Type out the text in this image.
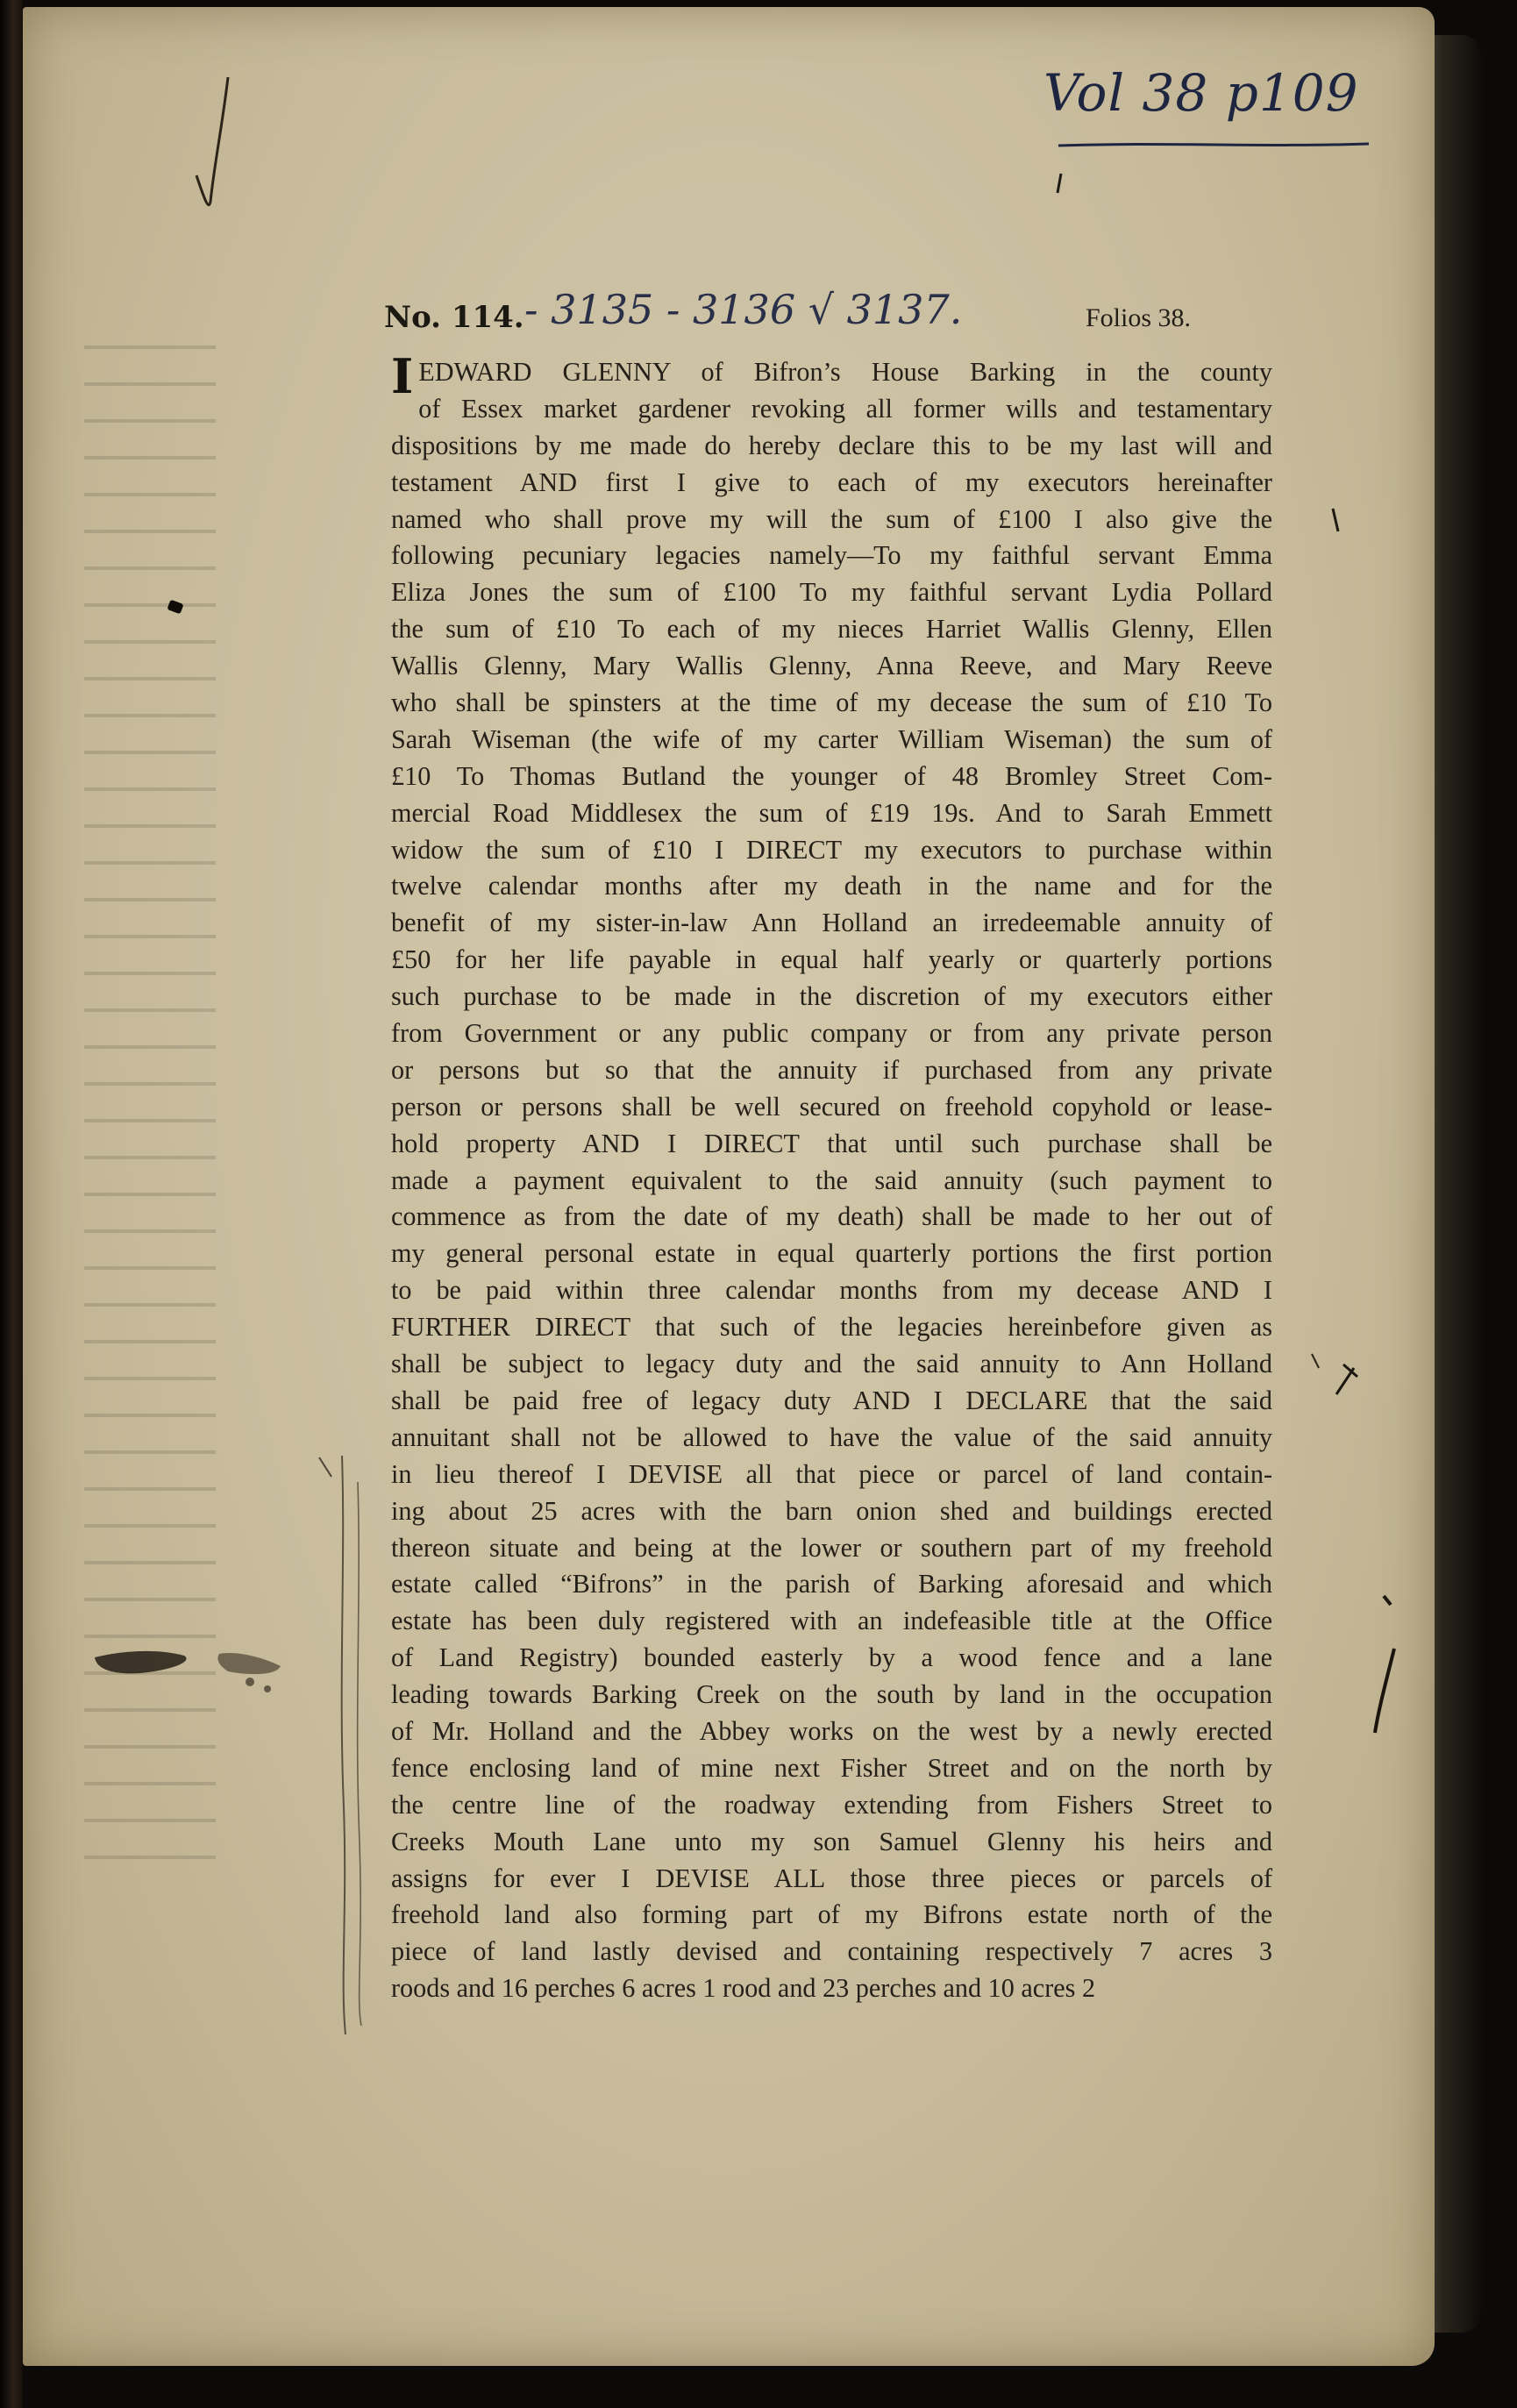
Vol 38 p109
No. 114. - 3135 - 3136 √ 3137.	Folios 38.
I EDWARD GLENNY of Bifron’s House Barking in the county
of Essex market gardener revoking all former wills and testamentary
dispositions by me made do hereby declare this to be my last will and
testament AND first I give to each of my executors hereinafter
named who shall prove my will the sum of £100 I also give the
following pecuniary legacies namely—To my faithful servant Emma
Eliza Jones the sum of £100 To my faithful servant Lydia Pollard
the sum of £10 To each of my nieces Harriet Wallis Glenny, Ellen
Wallis Glenny, Mary Wallis Glenny, Anna Reeve, and Mary Reeve
who shall be spinsters at the time of my decease the sum of £10 To
Sarah Wiseman (the wife of my carter William Wiseman) the sum of
£10 To Thomas Butland the younger of 48 Bromley Street Com-
mercial Road Middlesex the sum of £19 19s. And to Sarah Emmett
widow the sum of £10 I DIRECT my executors to purchase within
twelve calendar months after my death in the name and for the
benefit of my sister-in-law Ann Holland an irredeemable annuity of
£50 for her life payable in equal half yearly or quarterly portions
such purchase to be made in the discretion of my executors either
from Government or any public company or from any private person
or persons but so that the annuity if purchased from any private
person or persons shall be well secured on freehold copyhold or lease-
hold property AND I DIRECT that until such purchase shall be
made a payment equivalent to the said annuity (such payment to
commence as from the date of my death) shall be made to her out of
my general personal estate in equal quarterly portions the first portion
to be paid within three calendar months from my decease AND I
FURTHER DIRECT that such of the legacies hereinbefore given as
shall be subject to legacy duty and the said annuity to Ann Holland
shall be paid free of legacy duty AND I DECLARE that the said
annuitant shall not be allowed to have the value of the said annuity
in lieu thereof I DEVISE all that piece or parcel of land contain-
ing about 25 acres with the barn onion shed and buildings erected
thereon situate and being at the lower or southern part of my freehold
estate called “Bifrons” in the parish of Barking aforesaid and which
estate has been duly registered with an indefeasible title at the Office
of Land Registry) bounded easterly by a wood fence and a lane
leading towards Barking Creek on the south by land in the occupation
of Mr. Holland and the Abbey works on the west by a newly erected
fence enclosing land of mine next Fisher Street and on the north by
the centre line of the roadway extending from Fishers Street to
Creeks Mouth Lane unto my son Samuel Glenny his heirs and
assigns for ever I DEVISE ALL those three pieces or parcels of
freehold land also forming part of my Bifrons estate north of the
piece of land lastly devised and containing respectively 7 acres 3
roods and 16 perches 6 acres 1 rood and 23 perches and 10 acres 2
